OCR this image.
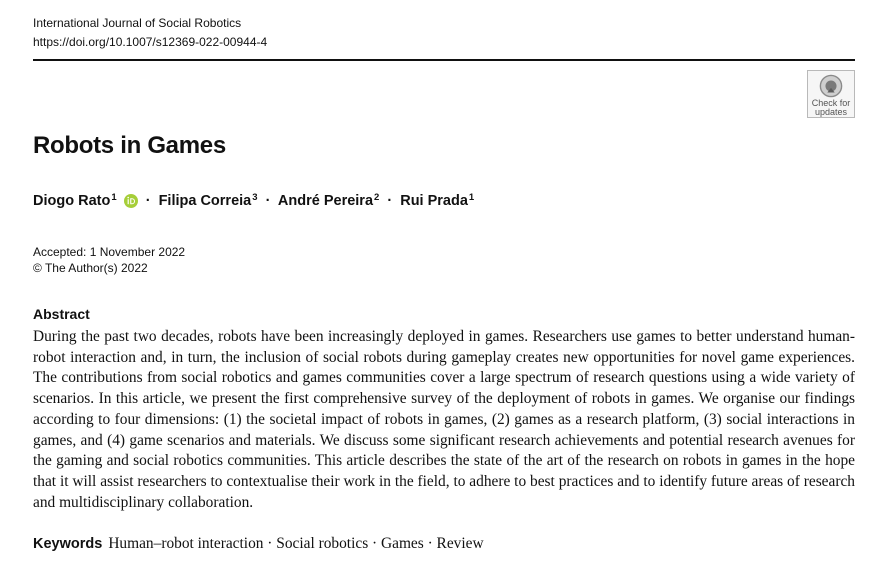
International Journal of Social Robotics
https://doi.org/10.1007/s12369-022-00944-4
Check for
updates
Robots in Games
Diogo Rato$^1$ · Filipa Correia$^3$ · André Pereira$^2$ · Rui Prada$^1$
Accepted: 1 November 2022
© The Author(s) 2022
Abstract
During the past two decades, robots have been increasingly deployed in games. Researchers use games to better understand human-robot interaction and, in turn, the inclusion of social robots during gameplay creates new opportunities for novel game experiences. The contributions from social robotics and games communities cover a large spectrum of research questions using a wide variety of scenarios. In this article, we present the first comprehensive survey of the deployment of robots in games. We organise our findings according to four dimensions: (1) the societal impact of robots in games, (2) games as a research platform, (3) social interactions in games, and (4) game scenarios and materials. We discuss some significant research achievements and potential research avenues for the gaming and social robotics communities. This article describes the state of the art of the research on robots in games in the hope that it will assist researchers to contextualise their work in the field, to adhere to best practices and to identify future areas of research and multidisciplinary collaboration.
Keywords Human–robot interaction · Social robotics · Games · Review
